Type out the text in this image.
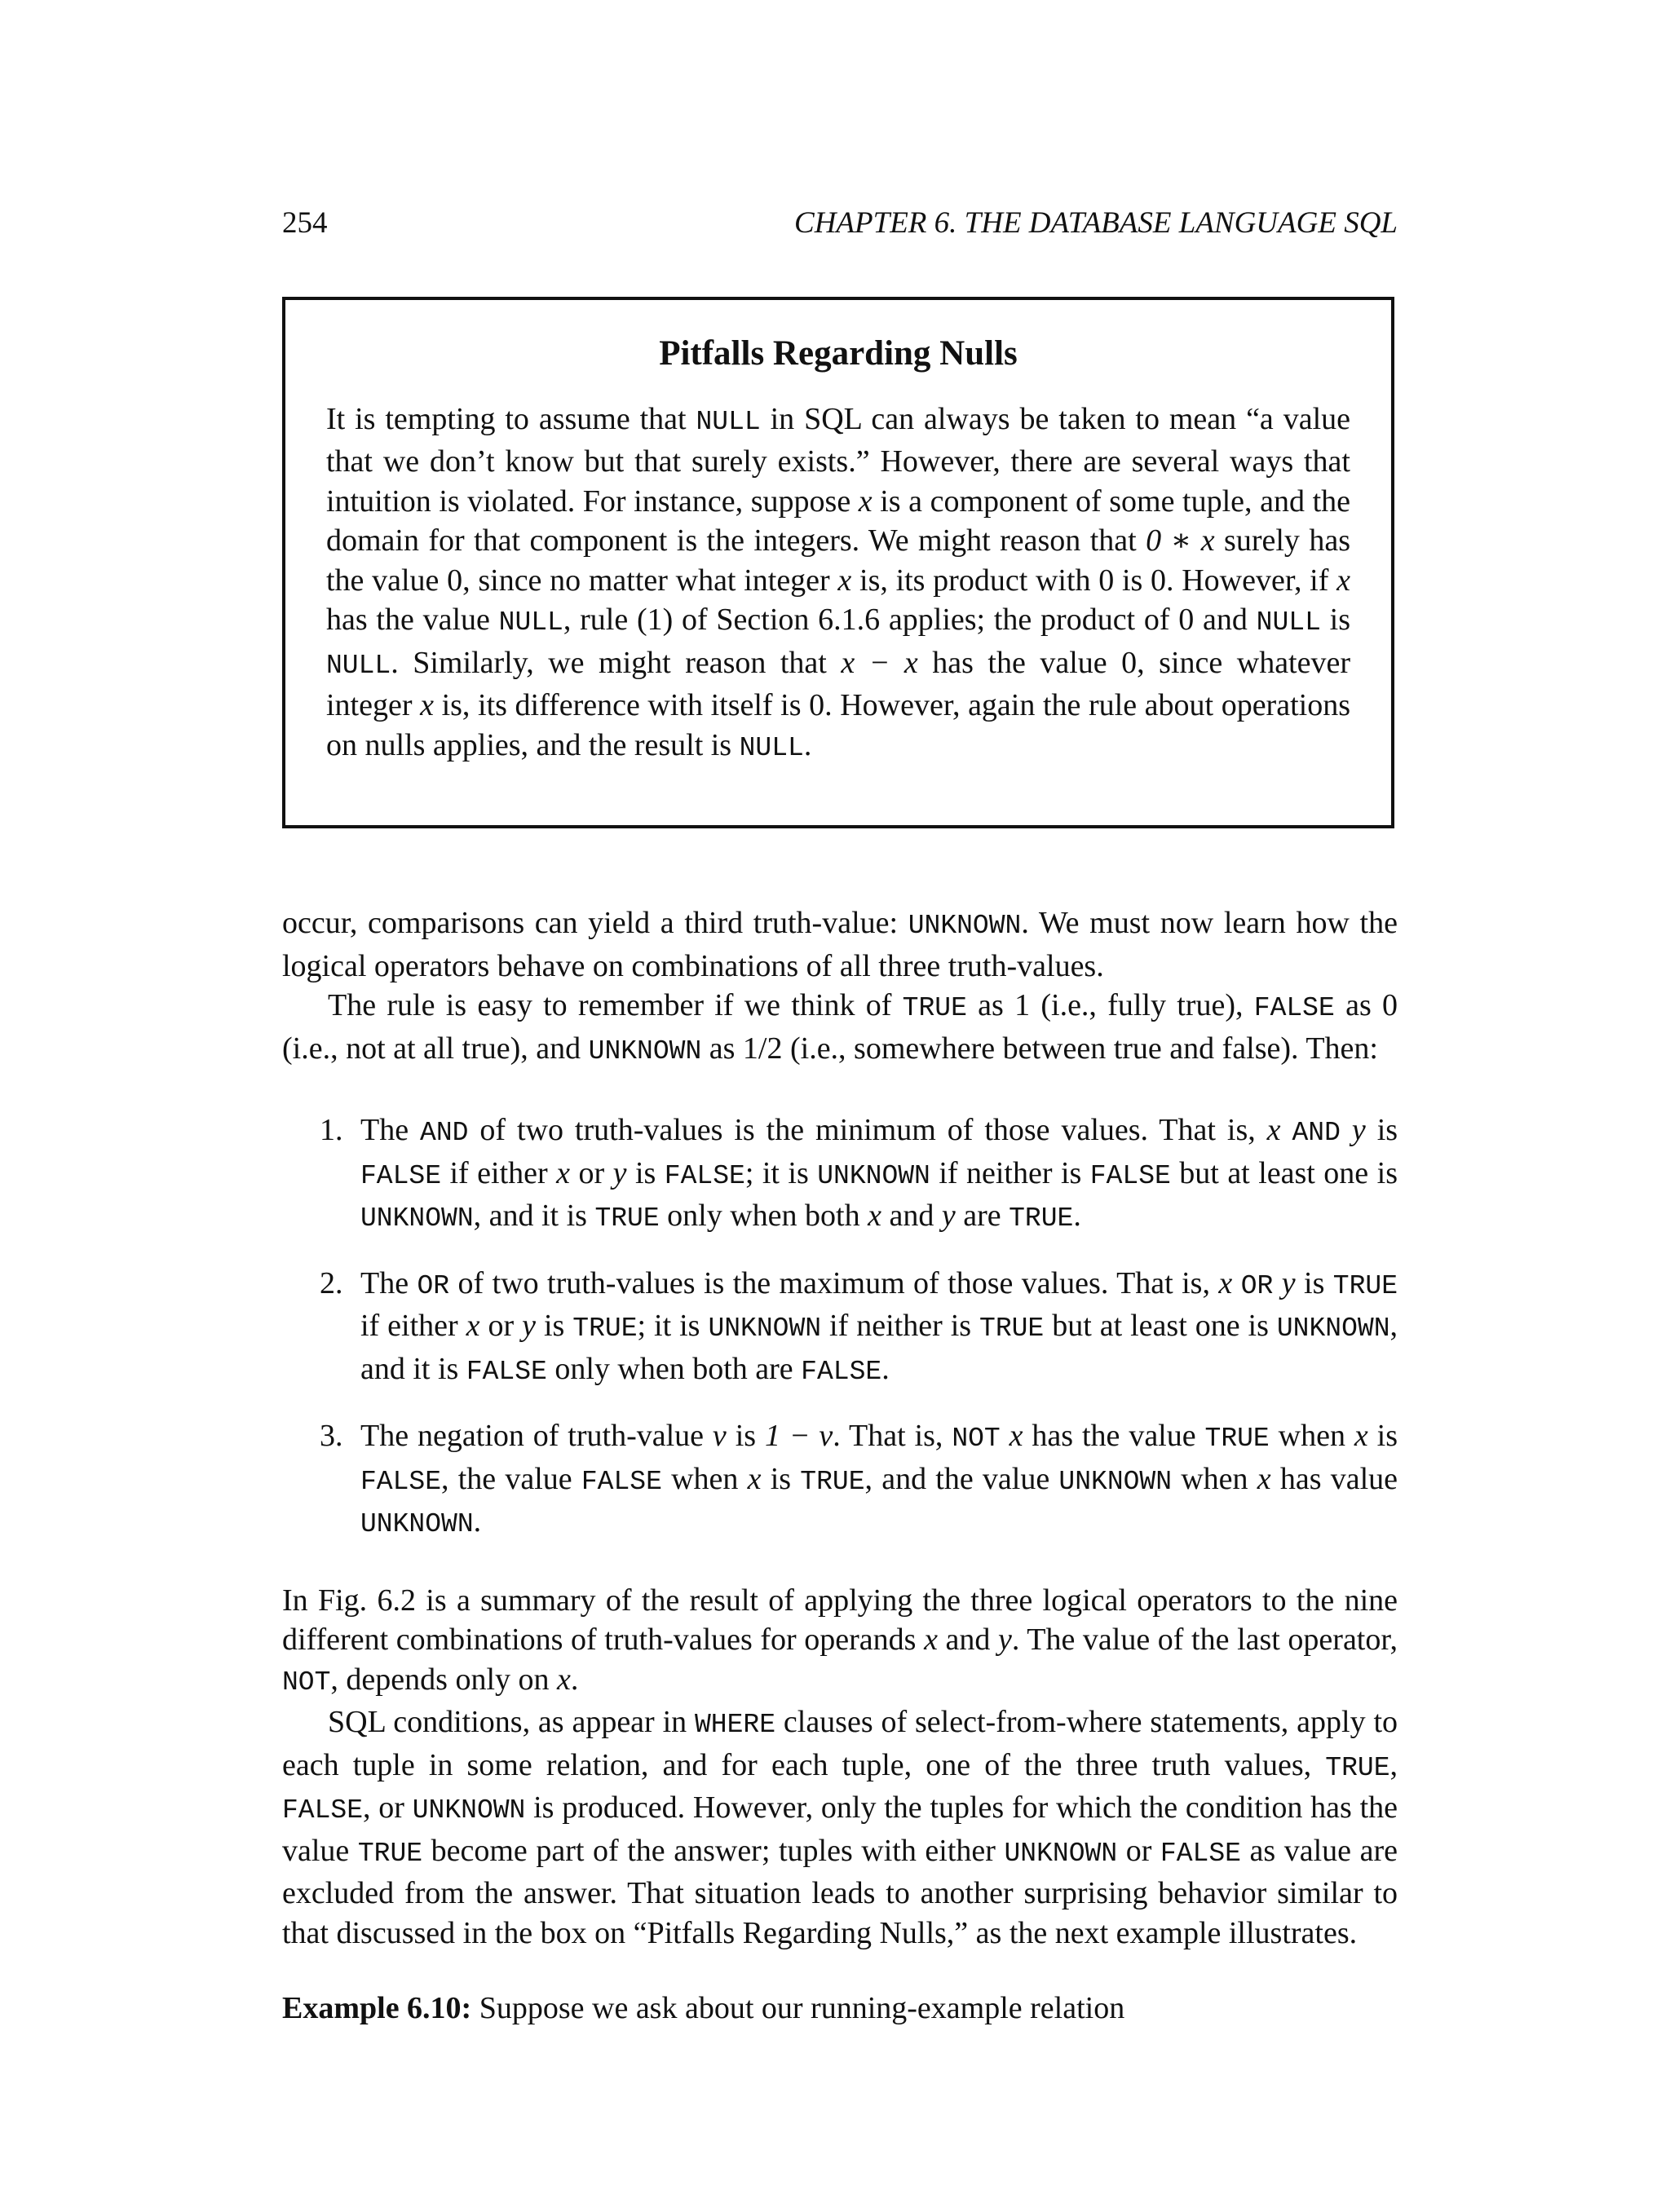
254	CHAPTER 6. THE DATABASE LANGUAGE SQL
Pitfalls Regarding Nulls

It is tempting to assume that NULL in SQL can always be taken to mean “a value that we don’t know but that surely exists.” However, there are several ways that intuition is violated. For instance, suppose x is a component of some tuple, and the domain for that component is the integers. We might reason that 0 ∗ x surely has the value 0, since no matter what integer x is, its product with 0 is 0. However, if x has the value NULL, rule (1) of Section 6.1.6 applies; the product of 0 and NULL is NULL. Similarly, we might reason that x − x has the value 0, since whatever integer x is, its difference with itself is 0. However, again the rule about operations on nulls applies, and the result is NULL.

occur, comparisons can yield a third truth-value: UNKNOWN. We must now learn how the logical operators behave on combinations of all three truth-values.

The rule is easy to remember if we think of TRUE as 1 (i.e., fully true), FALSE as 0 (i.e., not at all true), and UNKNOWN as 1/2 (i.e., somewhere between true and false). Then:

1. The AND of two truth-values is the minimum of those values. That is, x AND y is FALSE if either x or y is FALSE; it is UNKNOWN if neither is FALSE but at least one is UNKNOWN, and it is TRUE only when both x and y are TRUE.
2. The OR of two truth-values is the maximum of those values. That is, x OR y is TRUE if either x or y is TRUE; it is UNKNOWN if neither is TRUE but at least one is UNKNOWN, and it is FALSE only when both are FALSE.
3. The negation of truth-value v is 1 − v. That is, NOT x has the value TRUE when x is FALSE, the value FALSE when x is TRUE, and the value UNKNOWN when x has value UNKNOWN.

In Fig. 6.2 is a summary of the result of applying the three logical operators to the nine different combinations of truth-values for operands x and y. The value of the last operator, NOT, depends only on x.

SQL conditions, as appear in WHERE clauses of select-from-where statements, apply to each tuple in some relation, and for each tuple, one of the three truth values, TRUE, FALSE, or UNKNOWN is produced. However, only the tuples for which the condition has the value TRUE become part of the answer; tuples with either UNKNOWN or FALSE as value are excluded from the answer. That situation leads to another surprising behavior similar to that discussed in the box on “Pitfalls Regarding Nulls,” as the next example illustrates.

Example 6.10: Suppose we ask about our running-example relation
